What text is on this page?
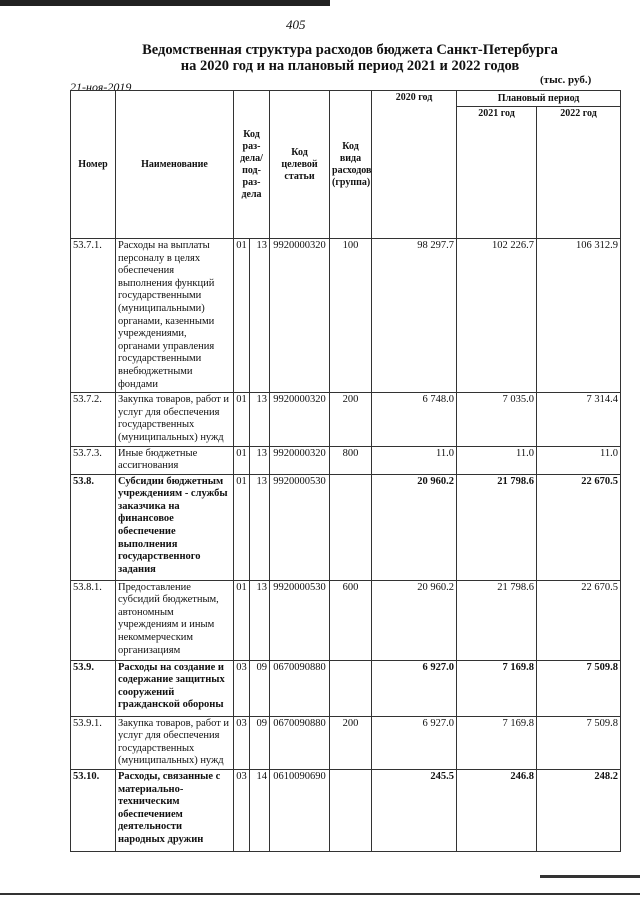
405
Ведомственная структура расходов бюджета Санкт-Петербурга
на 2020 год и на плановый период 2021 и 2022 годов
21-ноя-2019	(тыс. руб.)
Номер	Наименование	Код раз-дела/ под-раз-дела		Код целевой статьи	Код вида расходов (группа)	2020 год	Плановый период	
							2021 год	2022 год
53.7.1.	Расходы на выплаты персоналу в целях обеспечения выполнения функций государственными (муниципальными) органами, казенными учреждениями, органами управления государственными внебюджетными фондами	01	13	9920000320	100	98 297.7	102 226.7	106 312.9
53.7.2.	Закупка товаров, работ и услуг для обеспечения государственных (муниципальных) нужд	01	13	9920000320	200	6 748.0	7 035.0	7 314.4
53.7.3.	Иные бюджетные ассигнования	01	13	9920000320	800	11.0	11.0	11.0
53.8.	Субсидии бюджетным учреждениям - службы заказчика на финансовое обеспечение выполнения государственного задания	01	13	9920000530		20 960.2	21 798.6	22 670.5
53.8.1.	Предоставление субсидий бюджетным, автономным учреждениям и иным некоммерческим организациям	01	13	9920000530	600	20 960.2	21 798.6	22 670.5
53.9.	Расходы на создание и содержание защитных сооружений гражданской обороны	03	09	0670090880		6 927.0	7 169.8	7 509.8
53.9.1.	Закупка товаров, работ и услуг для обеспечения государственных (муниципальных) нужд	03	09	0670090880	200	6 927.0	7 169.8	7 509.8
53.10.	Расходы, связанные с материально-техническим обеспечением деятельности народных дружин	03	14	0610090690		245.5	246.8	248.2
